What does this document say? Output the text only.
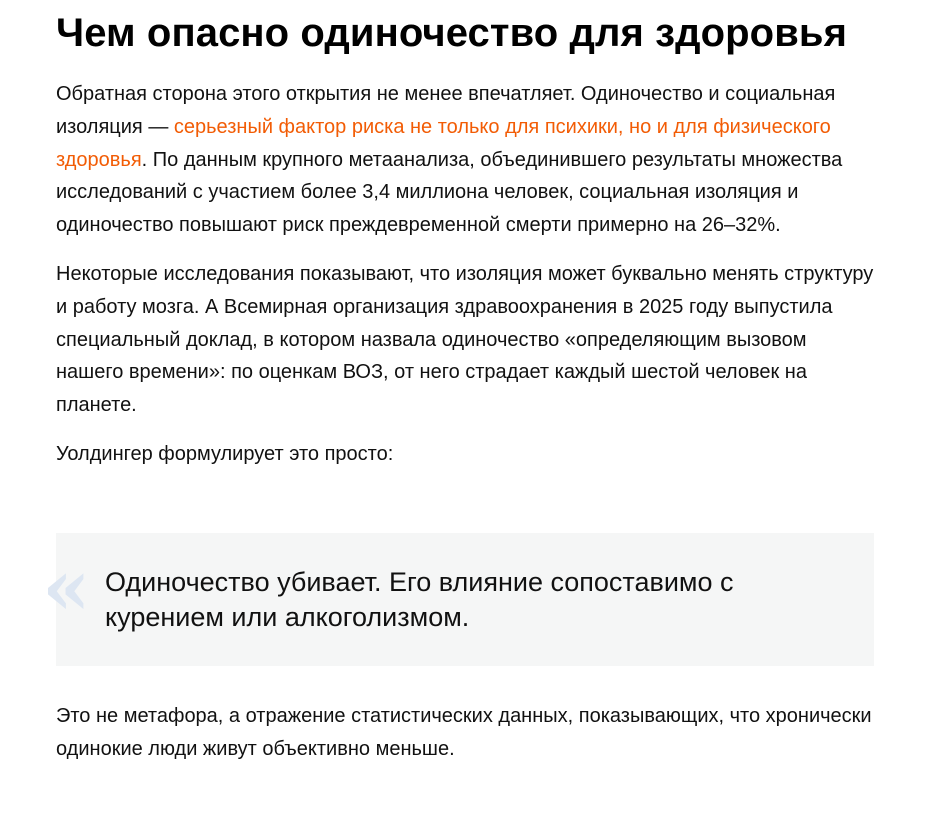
Чем опасно одиночество для здоровья

Обратная сторона этого открытия не менее впечатляет. Одиночество и социальная изоляция — серьезный фактор риска не только для психики, но и для физического здоровья. По данным крупного метаанализа, объединившего результаты множества исследований с участием более 3,4 миллиона человек, социальная изоляция и одиночество повышают риск преждевременной смерти примерно на 26–32%.

Некоторые исследования показывают, что изоляция может буквально менять структуру и работу мозга. А Всемирная организация здравоохранения в 2025 году выпустила специальный доклад, в котором назвала одиночество «определяющим вызовом нашего времени»: по оценкам ВОЗ, от него страдает каждый шестой человек на планете.

Уолдингер формулирует это просто:

« Одиночество убивает. Его влияние сопоставимо с курением или алкоголизмом.

Это не метафора, а отражение статистических данных, показывающих, что хронически одинокие люди живут объективно меньше.
